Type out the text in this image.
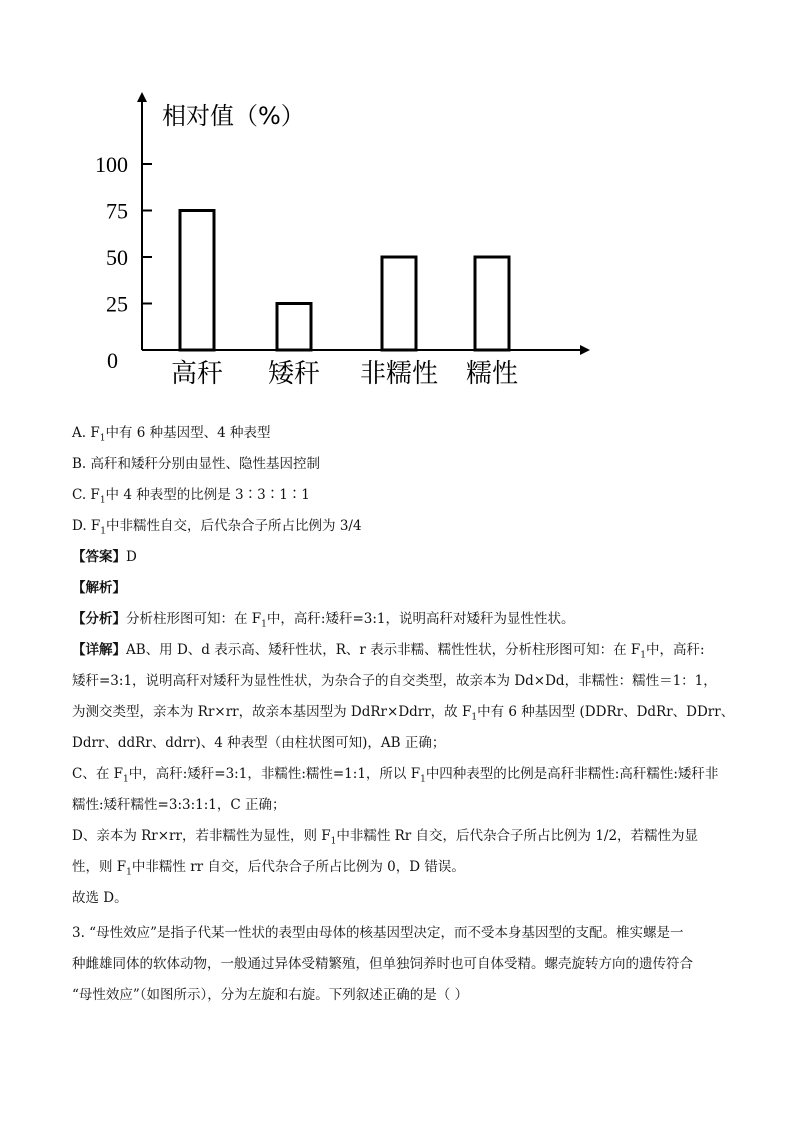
相对值（%）
100
75
50
25
0 高秆 矮秆 非糯性 糯性
A. $F_1$中有 6 种基因型、4 种表型
B. 高秆和矮秆分别由显性、隐性基因控制
C. $F_1$中 4 种表型的比例是 3∶3∶1∶1
D. $F_1$中非糯性自交，后代杂合子所占比例为 3/4
【答案】D
【解析】
【分析】分析柱形图可知：在 $F_1$中，高秆:矮秆=3:1，说明高秆对矮秆为显性性状。
【详解】AB、用 D、d 表示高、矮秆性状，R、r 表示非糯、糯性性状，分析柱形图可知：在 $F_1$中，高秆:
矮秆=3:1，说明高秆对矮秆为显性性状，为杂合子的自交类型，故亲本为 Dd×Dd，非糯性：糯性＝1：1，
为测交类型，亲本为 Rr×rr，故亲本基因型为 DdRr×Ddrr，故 $F_1$中有 6 种基因型 (DDRr、DdRr、DDrr、
Ddrr、ddRr、ddrr)、4 种表型（由柱状图可知)，AB 正确；
C、在 $F_1$中，高秆:矮秆=3:1，非糯性:糯性=1:1，所以 $F_1$中四种表型的比例是高秆非糯性:高秆糯性:矮秆非
糯性:矮秆糯性=3:3:1:1，C 正确；
D、亲本为 Rr×rr，若非糯性为显性，则 $F_1$中非糯性 Rr 自交，后代杂合子所占比例为 1/2，若糯性为显
性，则 $F_1$中非糯性 rr 自交，后代杂合子所占比例为 0，D 错误。
故选 D。
3. “母性效应”是指子代某一性状的表型由母体的核基因型决定，而不受本身基因型的支配。椎实螺是一
种雌雄同体的软体动物，一般通过异体受精繁殖，但单独饲养时也可自体受精。螺壳旋转方向的遗传符合
“母性效应”（如图所示），分为左旋和右旋。下列叙述正确的是（ ）
